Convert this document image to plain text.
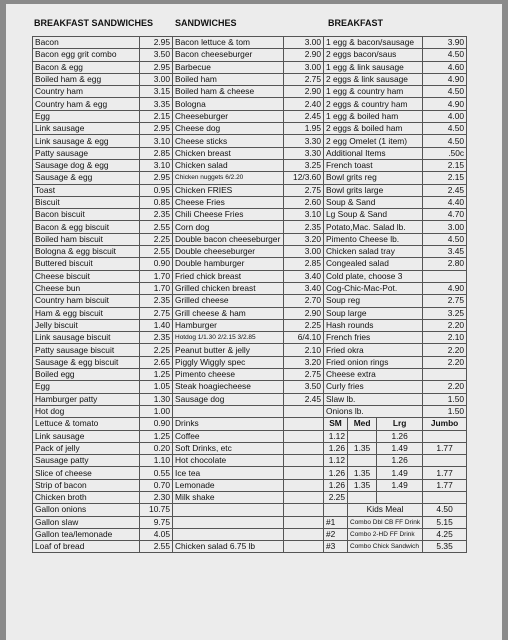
BREAKFAST SANDWICHES SANDWICHES	BREAKFAST
Bacon	2.95	Bacon lettuce & tom	3.00	1 egg & bacon/sausage			3.90
Bacon egg grit combo	3.50	Bacon cheeseburger	2.90	2 eggs bacon/saus			4.50
Bacon & egg	2.95	Barbecue	3.00	1 egg & link sausage			4.60
Boiled ham & egg	3.00	Boiled ham	2.75	2 eggs & link sausage			4.90
Country ham	3.15	Boiled ham & cheese	2.90	1 egg & country ham			4.50
Country ham & egg	3.35	Bologna	2.40	2 eggs & country ham			4.90
Egg	2.15	Cheeseburger	2.45	1 egg & boiled ham			4.00
Link sausage	2.95	Cheese dog	1.95	2 eggs & boiled ham			4.50
Link sausage & egg	3.10	Cheese sticks	3.30	2 egg Omelet (1 item)			4.50
Patty sausage	2.85	Chicken breast	3.30	Additional Items			.50c
Sausage dog & egg	3.10	Chicken salad	3.25	French toast			2.15
Sausage & egg	2.95	Chicken nuggets 6/2.20	12/3.60	Bowl grits reg			2.15
Toast	0.95	Chicken FRIES	2.75	Bowl grits large			2.45
Biscuit	0.85	Cheese Fries	2.60	Soup & Sand			4.40
Bacon biscuit	2.35	Chili Cheese Fries	3.10	Lg Soup & Sand			4.70
Bacon & egg biscuit	2.55	Corn dog	2.35	Potato,Mac. Salad lb.			3.00
Boiled ham biscuit	2.25	Double bacon cheeseburger	3.20	Pimento Cheese lb.			4.50
Bologna & egg biscuit	2.55	Double cheeseburger	3.00	Chicken salad tray			3.45
Buttered biscuit	0.90	Double hamburger	2.85	Congealed salad			2.80
Cheese biscuit	1.70	Fried chick breast	3.40	Cold plate, choose 3			
Cheese bun	1.70	Grilled chicken breast	3.40	Cog-Chic-Mac-Pot.			4.90
Country ham biscuit	2.35	Grilled cheese	2.70	Soup reg			2.75
Ham & egg biscuit	2.75	Grill cheese & ham	2.90	Soup large			3.25
Jelly biscuit	1.40	Hamburger	2.25	Hash rounds			2.20
Link sausage biscuit	2.35	Hotdog 1/1.30 2/2.15 3/2.85	6/4.10	French fries			2.10
Patty sausage biscuit	2.25	Peanut butter & jelly	2.10	Fried okra			2.20
Sausage & egg biscuit	2.65	Piggly Wiggly spec	3.20	Fried onion rings			2.20
Boiled egg	1.25	Pimento cheese	2.75	Cheese extra			
Egg	1.05	Steak hoagiecheese	3.50	Curly fries			2.20
Hamburger patty	1.30	Sausage dog	2.45	Slaw lb.			1.50
Hot dog	1.00			Onions lb.			1.50
Lettuce & tomato	0.90	Drinks		SM	Med	Lrg	Jumbo
Link sausage	1.25	Coffee		1.12		1.26	
Pack of jelly	0.20	Soft Drinks, etc		1.26	1.35	1.49	1.77
Sausage patty	1.10	Hot chocolate		1.12		1.26	
Slice of cheese	0.55	Ice tea		1.26	1.35	1.49	1.77
Strip of bacon	0.70	Lemonade		1.26	1.35	1.49	1.77
Chicken broth	2.30	Milk shake		2.25			
Gallon onions	10.75				Kids Meal		4.50
Gallon slaw	9.75			#1	Combo Dbl CB FF Drink		5.15
Gallon tea/lemonade	4.05			#2	Combo 2-HD FF Drink		4.25
Loaf of bread	2.55	Chicken salad 6.75 lb		#3	Combo Chick Sandwich		5.35
